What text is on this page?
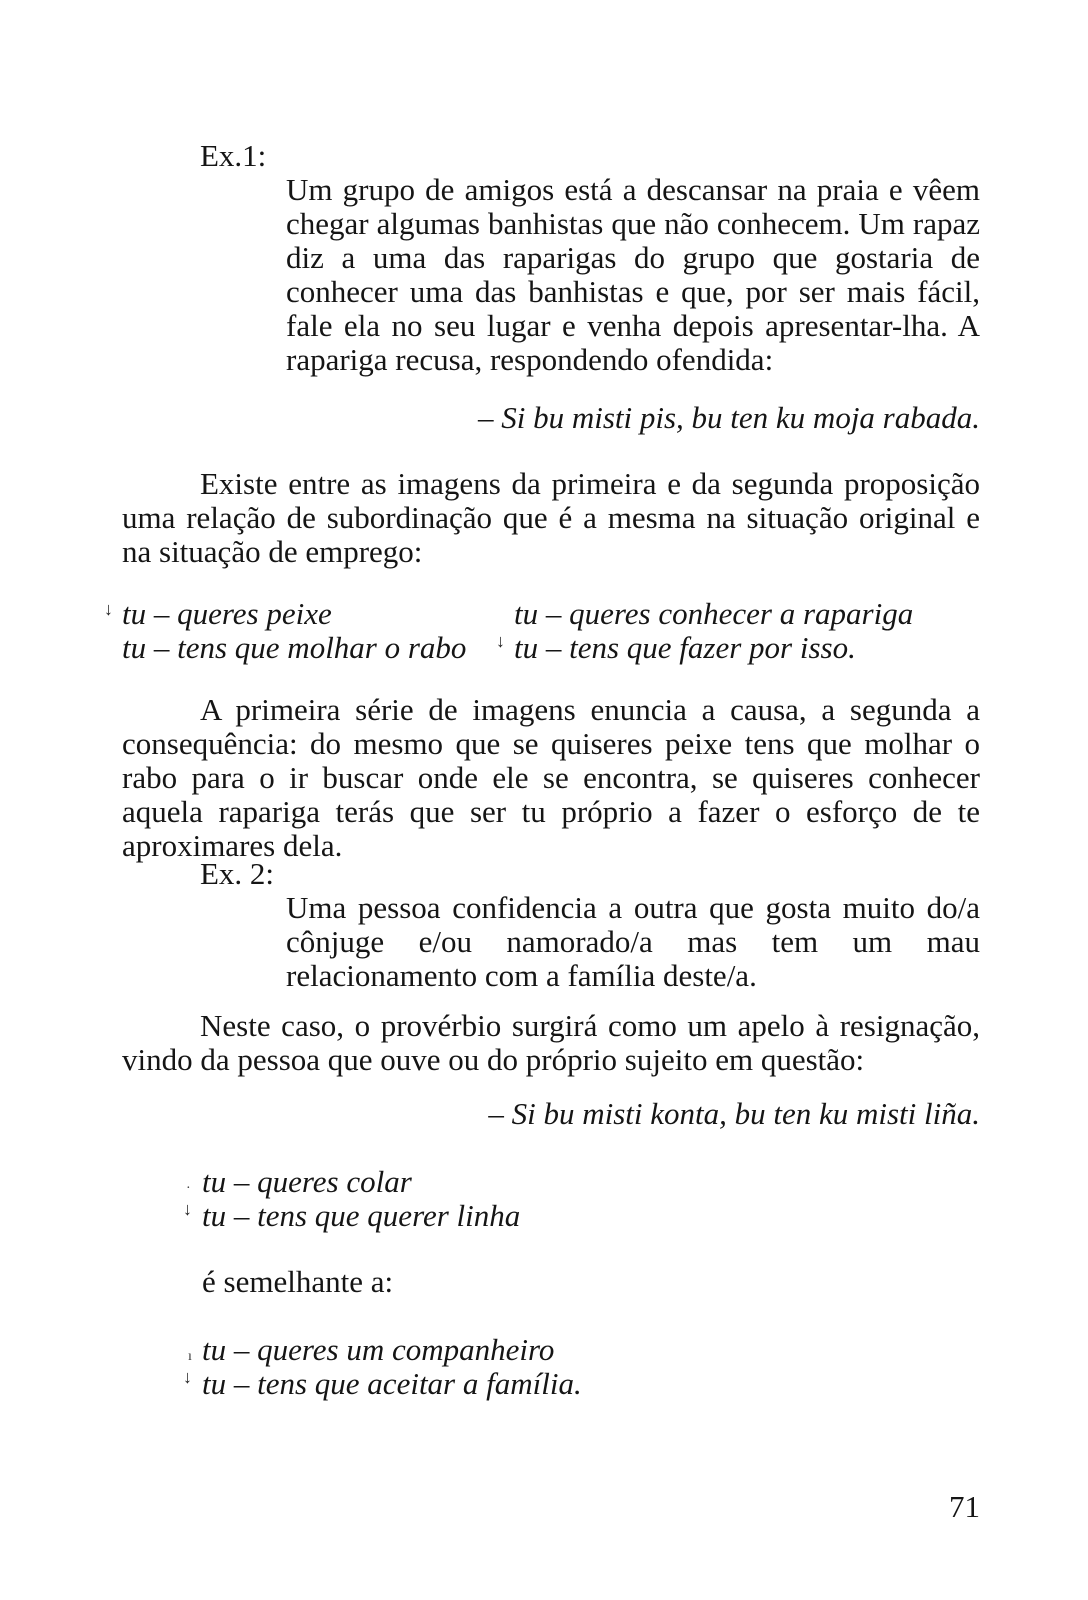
Ex.1:
Um grupo de amigos está a descansar na praia e vêem chegar algumas banhistas que não conhecem. Um rapaz diz a uma das raparigas do grupo que gostaria de conhecer uma das banhistas e que, por ser mais fácil, fale ela no seu lugar e venha depois apresentar-lha. A rapariga recusa, respondendo ofendida:
– Si bu misti pis, bu ten ku moja rabada.
Existe entre as imagens da primeira e da segunda proposição uma relação de subordinação que é a mesma na situação original e na situação de emprego:
↓ tu – queres peixe
tu – tens que molhar o rabo ↓
tu – queres conhecer a rapariga
tu – tens que fazer por isso.
A primeira série de imagens enuncia a causa, a segunda a consequência: do mesmo que se quiseres peixe tens que molhar o rabo para o ir buscar onde ele se encontra, se quiseres conhecer aquela rapariga terás que ser tu próprio a fazer o esforço de te aproximares dela.
Ex. 2:
Uma pessoa confidencia a outra que gosta muito do/a cônjuge e/ou namorado/a mas tem um mau relacionamento com a família deste/a.
Neste caso, o provérbio surgirá como um apelo à resignação, vindo da pessoa que ouve ou do próprio sujeito em questão:
– Si bu misti konta, bu ten ku misti liña.
· tu – queres colar
↓ tu – tens que querer linha
é semelhante a:
ı tu – queres um companheiro
↓ tu – tens que aceitar a família.
71
